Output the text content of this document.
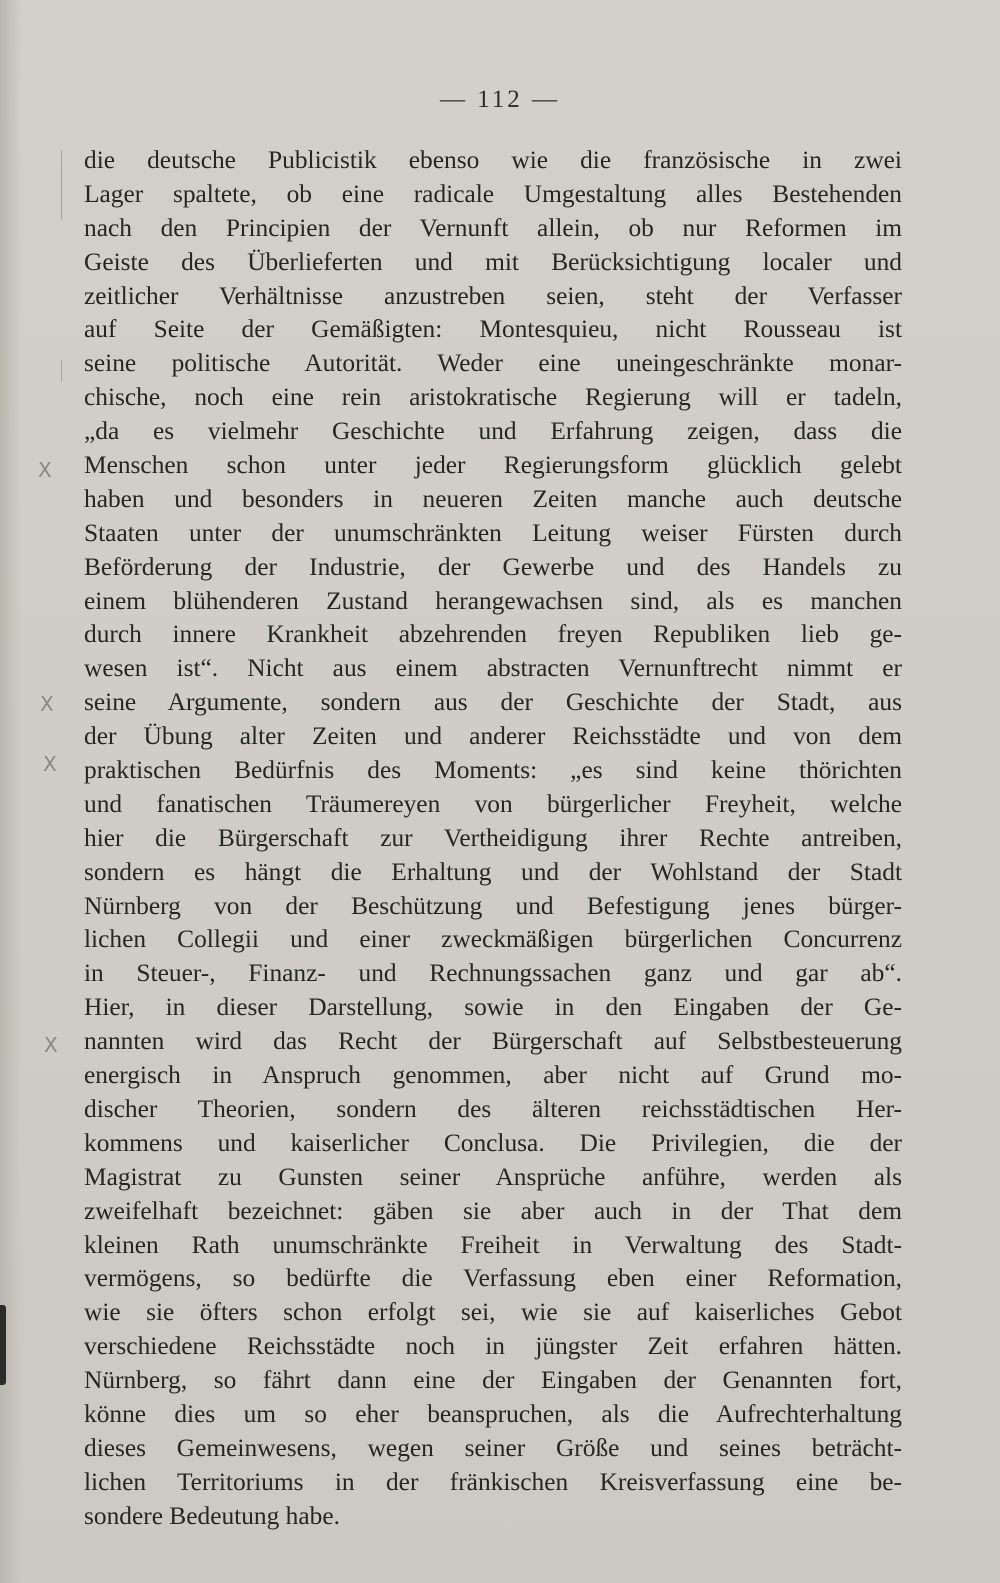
X
X
X
X
— 112 —
die deutsche Publicistik ebenso wie die französische in zwei
Lager spaltete, ob eine radicale Umgestaltung alles Bestehenden
nach den Principien der Vernunft allein, ob nur Reformen im
Geiste des Überlieferten und mit Berücksichtigung localer und
zeitlicher Verhältnisse anzustreben seien, steht der Verfasser
auf Seite der Gemäßigten: Montesquieu, nicht Rousseau ist
seine politische Autorität. Weder eine uneingeschränkte monar-
chische, noch eine rein aristokratische Regierung will er tadeln,
„da es vielmehr Geschichte und Erfahrung zeigen, dass die
Menschen schon unter jeder Regierungsform glücklich gelebt
haben und besonders in neueren Zeiten manche auch deutsche
Staaten unter der unumschränkten Leitung weiser Fürsten durch
Beförderung der Industrie, der Gewerbe und des Handels zu
einem blühenderen Zustand herangewachsen sind, als es manchen
durch innere Krankheit abzehrenden freyen Republiken lieb ge-
wesen ist“. Nicht aus einem abstracten Vernunftrecht nimmt er
seine Argumente, sondern aus der Geschichte der Stadt, aus
der Übung alter Zeiten und anderer Reichsstädte und von dem
praktischen Bedürfnis des Moments: „es sind keine thörichten
und fanatischen Träumereyen von bürgerlicher Freyheit, welche
hier die Bürgerschaft zur Vertheidigung ihrer Rechte antreiben,
sondern es hängt die Erhaltung und der Wohlstand der Stadt
Nürnberg von der Beschützung und Befestigung jenes bürger-
lichen Collegii und einer zweckmäßigen bürgerlichen Concurrenz
in Steuer-, Finanz- und Rechnungssachen ganz und gar ab“.
Hier, in dieser Darstellung, sowie in den Eingaben der Ge-
nannten wird das Recht der Bürgerschaft auf Selbstbesteuerung
energisch in Anspruch genommen, aber nicht auf Grund mo-
discher Theorien, sondern des älteren reichsstädtischen Her-
kommens und kaiserlicher Conclusa. Die Privilegien, die der
Magistrat zu Gunsten seiner Ansprüche anführe, werden als
zweifelhaft bezeichnet: gäben sie aber auch in der That dem
kleinen Rath unumschränkte Freiheit in Verwaltung des Stadt-
vermögens, so bedürfte die Verfassung eben einer Reformation,
wie sie öfters schon erfolgt sei, wie sie auf kaiserliches Gebot
verschiedene Reichsstädte noch in jüngster Zeit erfahren hätten.
Nürnberg, so fährt dann eine der Eingaben der Genannten fort,
könne dies um so eher beanspruchen, als die Aufrechterhaltung
dieses Gemeinwesens, wegen seiner Größe und seines beträcht-
lichen Territoriums in der fränkischen Kreisverfassung eine be-
sondere Bedeutung habe.
